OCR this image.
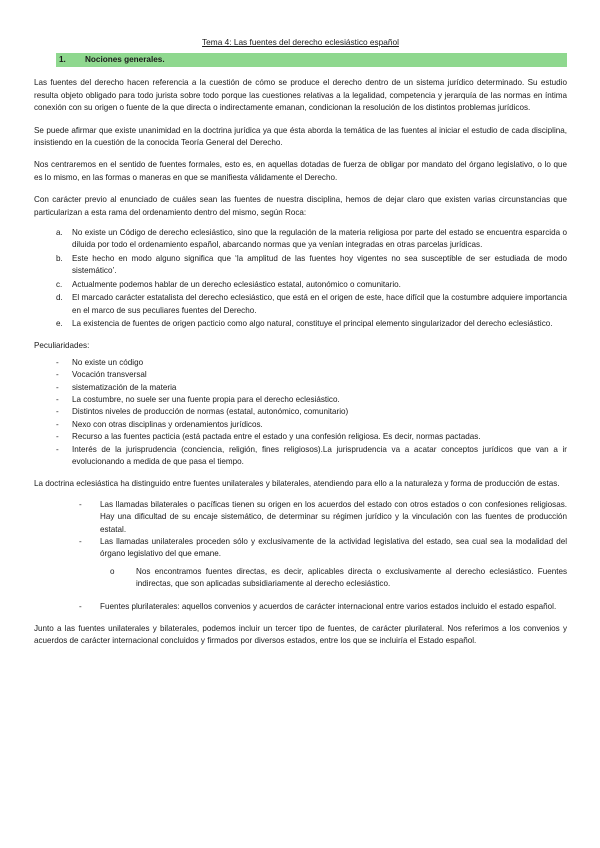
Tema 4: Las fuentes del derecho eclesiástico español
1.	Nociones generales.

Las fuentes del derecho hacen referencia a la cuestión de cómo se produce el derecho dentro de un sistema jurídico determinado. Su estudio resulta objeto obligado para todo jurista sobre todo porque las cuestiones relativas a la legalidad, competencia y jerarquía de las normas en íntima conexión con su origen o fuente de la que directa o indirectamente emanan, condicionan la resolución de los distintos problemas jurídicos.

Se puede afirmar que existe unanimidad en la doctrina jurídica ya que ésta aborda la temática de las fuentes al iniciar el estudio de cada disciplina, insistiendo en la cuestión de la conocida Teoría General del Derecho.

Nos centraremos en el sentido de fuentes formales, esto es, en aquellas dotadas de fuerza de obligar por mandato del órgano legislativo, o lo que es lo mismo, en las formas o maneras en que se manifiesta válidamente el Derecho.

Con carácter previo al enunciado de cuáles sean las fuentes de nuestra disciplina, hemos de dejar claro que existen varias circunstancias que particularizan a esta rama del ordenamiento dentro del mismo, según Roca:

a.	No existe un Código de derecho eclesiástico, sino que la regulación de la materia religiosa por parte del estado se encuentra esparcida o diluida por todo el ordenamiento español, abarcando normas que ya venían integradas en otras parcelas jurídicas.
b.	Este hecho en modo alguno significa que ‘la amplitud de las fuentes hoy vigentes no sea susceptible de ser estudiada de modo sistemático’.
c.	Actualmente podemos hablar de un derecho eclesiástico estatal, autonómico o comunitario.
d.	El marcado carácter estatalista del derecho eclesiástico, que está en el origen de este, hace difícil que la costumbre adquiere importancia en el marco de sus peculiares fuentes del Derecho.
e.	La existencia de fuentes de origen pacticio como algo natural, constituye el principal elemento singularizador del derecho eclesiástico.

Peculiaridades:

-	No existe un código
-	Vocación transversal
-	sistematización de la materia
-	La costumbre, no suele ser una fuente propia para el derecho eclesiástico.
-	Distintos niveles de producción de normas (estatal, autonómico, comunitario)
-	Nexo con otras disciplinas y ordenamientos jurídicos.
-	Recurso a las fuentes pacticia (está pactada entre el estado y una confesión religiosa. Es decir, normas pactadas.
-	Interés de la jurisprudencia (conciencia, religión, fines religiosos).La jurisprudencia va a acatar conceptos jurídicos que van a ir evolucionando a medida de que pasa el tiempo.

La doctrina eclesiástica ha distinguido entre fuentes unilaterales y bilaterales, atendiendo para ello a la naturaleza y forma de producción de estas.

-	Las llamadas bilaterales o pacíficas tienen su origen en los acuerdos del estado con otros estados o con confesiones religiosas. Hay una dificultad de su encaje sistemático, de determinar su régimen jurídico y la vinculación con las fuentes de producción estatal.
-	Las llamadas unilaterales proceden sólo y exclusivamente de la actividad legislativa del estado, sea cual sea la modalidad del órgano legislativo del que emane.
o	Nos encontramos fuentes directas, es decir, aplicables directa o exclusivamente al derecho eclesiástico. Fuentes indirectas, que son aplicadas subsidiariamente al derecho eclesiástico.
-	Fuentes plurilaterales: aquellos convenios y acuerdos de carácter internacional entre varios estados incluido el estado español.

Junto a las fuentes unilaterales y bilaterales, podemos incluir un tercer tipo de fuentes, de carácter plurilateral. Nos referimos a los convenios y acuerdos de carácter internacional concluidos y firmados por diversos estados, entre los que se incluiría el Estado español.
